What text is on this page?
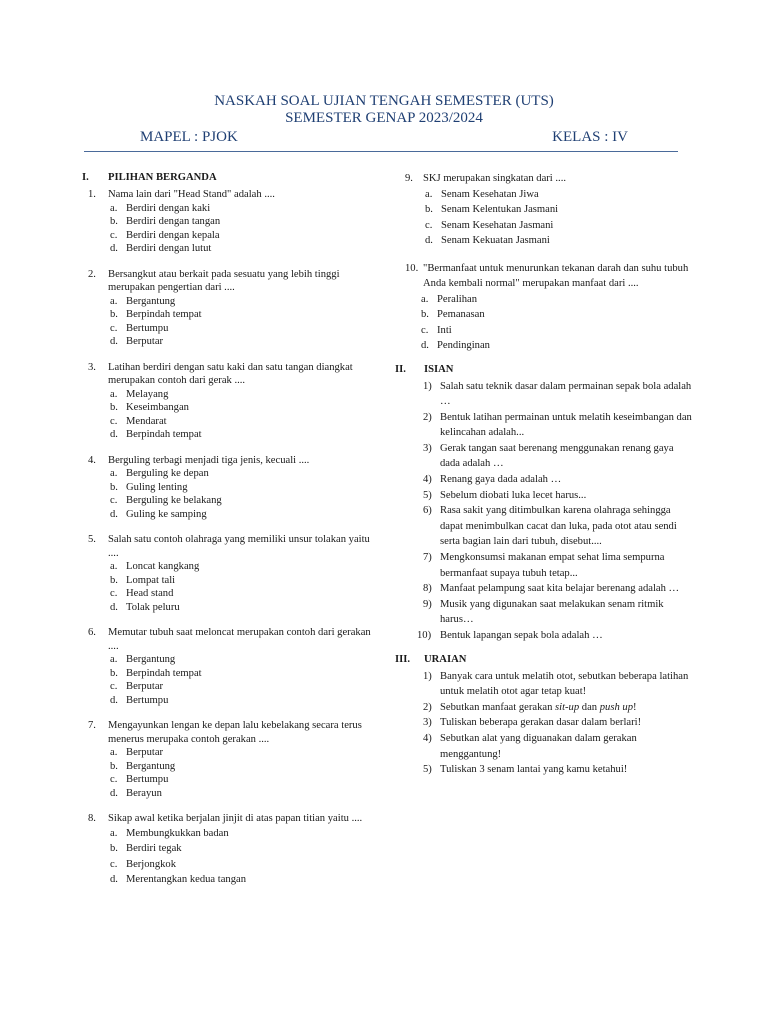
NASKAH SOAL UJIAN TENGAH SEMESTER (UTS)
SEMESTER GENAP 2023/2024
MAPEL : PJOK	KELAS : IV
I. PILIHAN BERGANDA
1. Nama lain dari "Head Stand" adalah ....
a. Berdiri dengan kaki
b. Berdiri dengan tangan
c. Berdiri dengan kepala
d. Berdiri dengan lutut
2. Bersangkut atau berkait pada sesuatu yang lebih tinggi merupakan pengertian dari ....
a. Bergantung
b. Berpindah tempat
c. Bertumpu
d. Berputar
3. Latihan berdiri dengan satu kaki dan satu tangan diangkat merupakan contoh dari gerak ....
a. Melayang
b. Keseimbangan
c. Mendarat
d. Berpindah tempat
4. Berguling terbagi menjadi tiga jenis, kecuali ....
a. Berguling ke depan
b. Guling lenting
c. Berguling ke belakang
d. Guling ke samping
5. Salah satu contoh olahraga yang memiliki unsur tolakan yaitu ....
a. Loncat kangkang
b. Lompat tali
c. Head stand
d. Tolak peluru
6. Memutar tubuh saat meloncat merupakan contoh dari gerakan ....
a. Bergantung
b. Berpindah tempat
c. Berputar
d. Bertumpu
7. Mengayunkan lengan ke depan lalu kebelakang secara terus menerus merupaka contoh gerakan ....
a. Berputar
b. Bergantung
c. Bertumpu
d. Berayun
8. Sikap awal ketika berjalan jinjit di atas papan titian yaitu ....
a. Membungkukkan badan
b. Berdiri tegak
c. Berjongkok
d. Merentangkan kedua tangan
9. SKJ merupakan singkatan dari ....
a. Senam Kesehatan Jiwa
b. Senam Kelentukan Jasmani
c. Senam Kesehatan Jasmani
d. Senam Kekuatan Jasmani
10. "Bermanfaat untuk menurunkan tekanan darah dan suhu tubuh Anda kembali normal" merupakan manfaat dari ....
a. Peralihan
b. Pemanasan
c. Inti
d. Pendinginan
II. ISIAN
1) Salah satu teknik dasar dalam permainan sepak bola adalah …
2) Bentuk latihan permainan untuk melatih keseimbangan dan kelincahan adalah...
3) Gerak tangan saat berenang menggunakan renang gaya dada adalah …
4) Renang gaya dada adalah …
5) Sebelum diobati luka lecet harus...
6) Rasa sakit yang ditimbulkan karena olahraga sehingga dapat menimbulkan cacat dan luka, pada otot atau sendi serta bagian lain dari tubuh, disebut....
7) Mengkonsumsi makanan empat sehat lima sempurna bermanfaat supaya tubuh tetap...
8) Manfaat pelampung saat kita belajar berenang adalah …
9) Musik yang digunakan saat melakukan senam ritmik harus…
10) Bentuk lapangan sepak bola adalah …
III. URAIAN
1) Banyak cara untuk melatih otot, sebutkan beberapa latihan untuk melatih otot agar tetap kuat!
2) Sebutkan manfaat gerakan sit-up dan push up!
3) Tuliskan beberapa gerakan dasar dalam berlari!
4) Sebutkan alat yang diguanakan dalam gerakan menggantung!
5) Tuliskan 3 senam lantai yang kamu ketahui!
